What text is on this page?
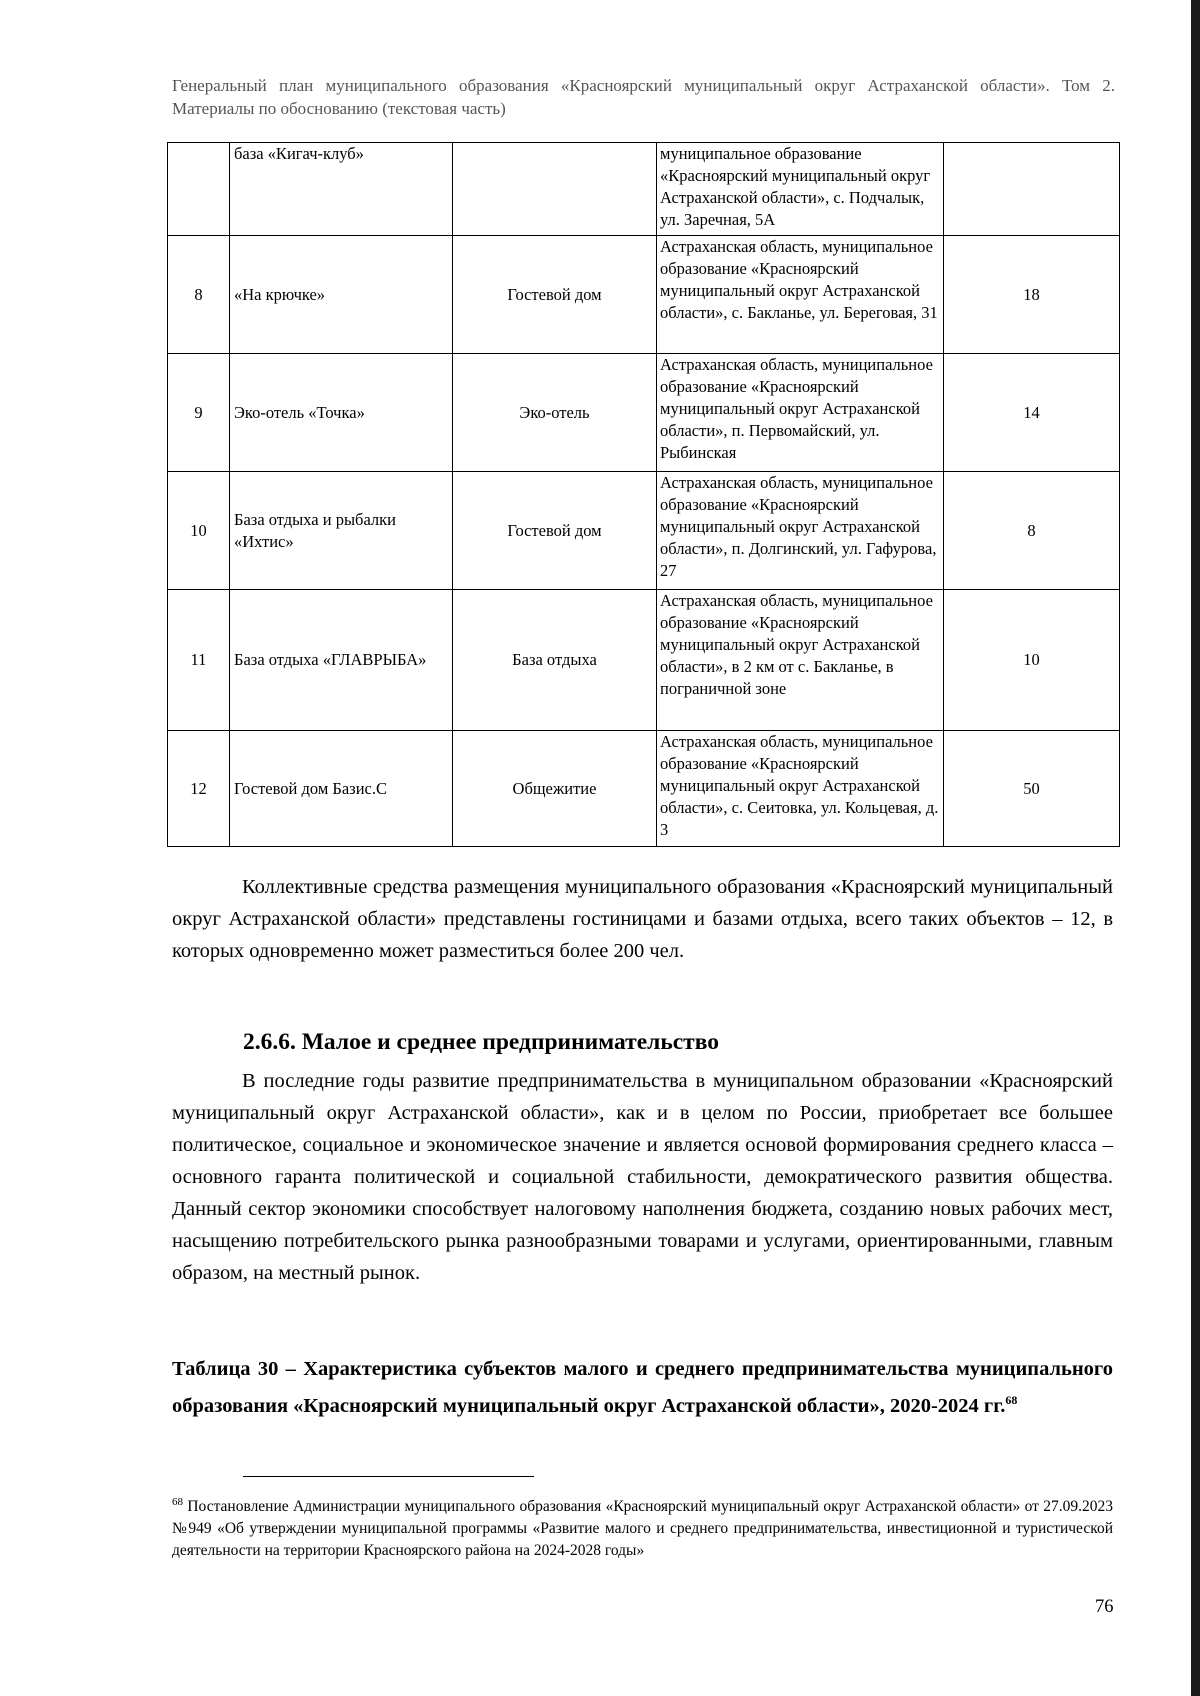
Генеральный план муниципального образования «Красноярский муниципальный округ Астраханской области». Том 2. Материалы по обоснованию (текстовая часть)
	база «Кигач-клуб»		муниципальное образование «Красноярский муниципальный округ Астраханской области», с. Подчалык, ул. Заречная, 5А	
8	«На крючке»	Гостевой дом	Астраханская область, муниципальное образование «Красноярский муниципальный округ Астраханской области», с. Бакланье, ул. Береговая, 31	18
9	Эко-отель «Точка»	Эко-отель	Астраханская область, муниципальное образование «Красноярский муниципальный округ Астраханской области», п. Первомайский, ул. Рыбинская	14
10	База отдыха и рыбалки «Ихтис»	Гостевой дом	Астраханская область, муниципальное образование «Красноярский муниципальный округ Астраханской области», п. Долгинский, ул. Гафурова, 27	8
11	База отдыха «ГЛАВРЫБА»	База отдыха	Астраханская область, муниципальное образование «Красноярский муниципальный округ Астраханской области», в 2 км от с. Бакланье, в пограничной зоне	10
12	Гостевой дом Базис.С	Общежитие	Астраханская область, муниципальное образование «Красноярский муниципальный округ Астраханской области», с. Сеитовка, ул. Кольцевая, д. 3	50

Коллективные средства размещения муниципального образования «Красноярский муниципальный округ Астраханской области» представлены гостиницами и базами отдыха, всего таких объектов – 12, в которых одновременно может разместиться более 200 чел.

2.6.6. Малое и среднее предпринимательство

В последние годы развитие предпринимательства в муниципальном образовании «Красноярский муниципальный округ Астраханской области», как и в целом по России, приобретает все большее политическое, социальное и экономическое значение и является основой формирования среднего класса – основного гаранта политической и социальной стабильности, демократического развития общества. Данный сектор экономики способствует налоговому наполнения бюджета, созданию новых рабочих мест, насыщению потребительского рынка разнообразными товарами и услугами, ориентированными, главным образом, на местный рынок.

Таблица 30 – Характеристика субъектов малого и среднего предпринимательства муниципального образования «Красноярский муниципальный округ Астраханской области», 2020-2024 гг.$^{68}$

$^{68}$ Постановление Администрации муниципального образования «Красноярский муниципальный округ Астраханской области» от 27.09.2023 №949 «Об утверждении муниципальной программы «Развитие малого и среднего предпринимательства, инвестиционной и туристической деятельности на территории Красноярского района на 2024-2028 годы»

76
